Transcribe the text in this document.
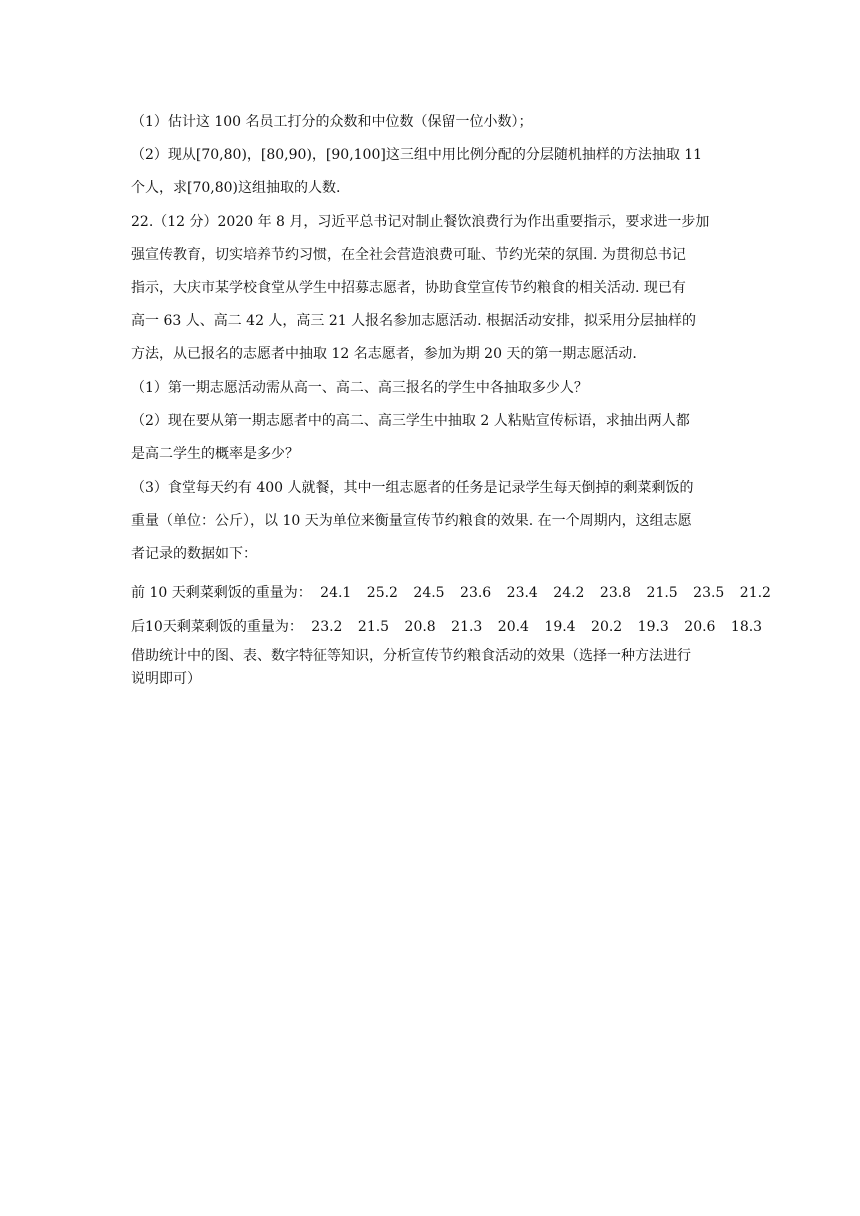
（1）估计这 100 名员工打分的众数和中位数（保留一位小数）；
（2）现从[70,80)，[80,90)，[90,100]这三组中用比例分配的分层随机抽样的方法抽取 11
个人，求[70,80)这组抽取的人数.
22.（12 分）2020 年 8 月，习近平总书记对制止餐饮浪费行为作出重要指示，要求进一步加
强宣传教育，切实培养节约习惯，在全社会营造浪费可耻、节约光荣的氛围. 为贯彻总书记
指示，大庆市某学校食堂从学生中招募志愿者，协助食堂宣传节约粮食的相关活动. 现已有
高一 63 人、高二 42 人，高三 21 人报名参加志愿活动. 根据活动安排，拟采用分层抽样的
方法，从已报名的志愿者中抽取 12 名志愿者，参加为期 20 天的第一期志愿活动.
（1）第一期志愿活动需从高一、高二、高三报名的学生中各抽取多少人？
（2）现在要从第一期志愿者中的高二、高三学生中抽取 2 人粘贴宣传标语，求抽出两人都
是高二学生的概率是多少？
（3）食堂每天约有 400 人就餐，其中一组志愿者的任务是记录学生每天倒掉的剩菜剩饭的
重量（单位：公斤），以 10 天为单位来衡量宣传节约粮食的效果. 在一个周期内，这组志愿
者记录的数据如下：
前 10 天剩菜剩饭的重量为： 24.1 25.2 24.5 23.6 23.4 24.2 23.8 21.5 23.5 21.2
后10天剩菜剩饭的重量为： 23.2 21.5 20.8 21.3 20.4 19.4 20.2 19.3 20.6 18.3
借助统计中的图、表、数字特征等知识，分析宣传节约粮食活动的效果（选择一种方法进行
说明即可）
